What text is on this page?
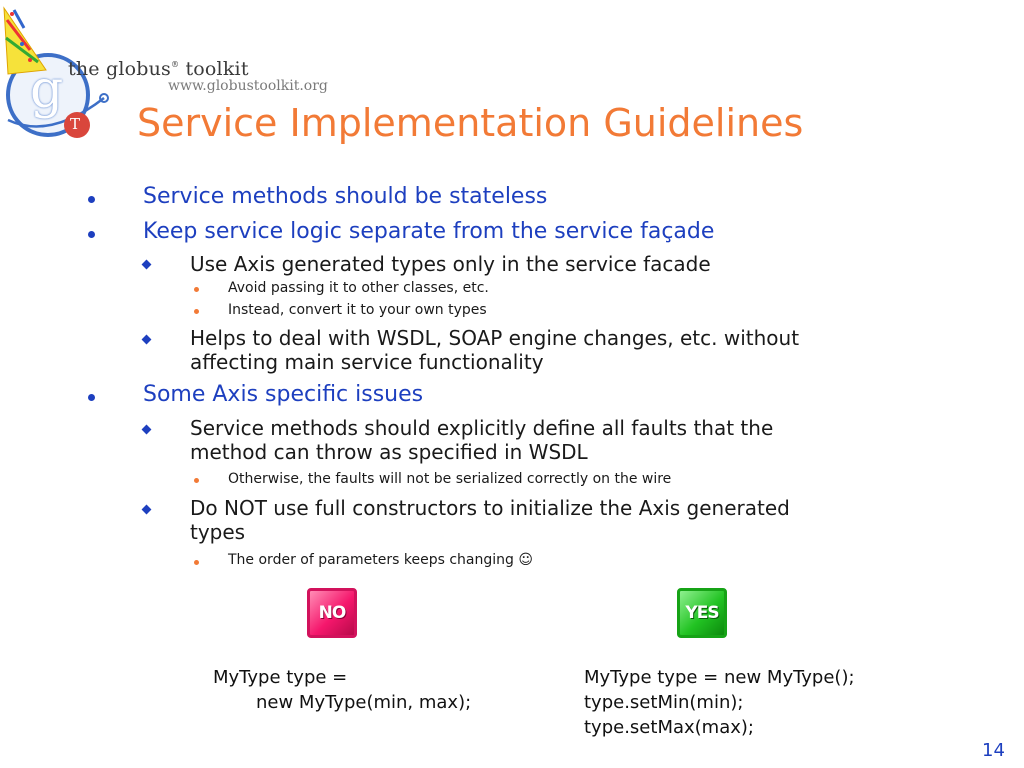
g
T
the globus® toolkit
www.globustoolkit.org
Service Implementation Guidelines
Service methods should be stateless
Keep service logic separate from the service façade
Use Axis generated types only in the service facade
Avoid passing it to other classes, etc.
Instead, convert it to your own types
Helps to deal with WSDL, SOAP engine changes, etc. without
affecting main service functionality
Some Axis specific issues
Service methods should explicitly define all faults that the
method can throw as specified in WSDL
Otherwise, the faults will not be serialized correctly on the wire
Do NOT use full constructors to initialize the Axis generated
types
The order of parameters keeps changing ☺
NO	YES
MyType type =
new MyType(min, max);
MyType type = new MyType();
type.setMin(min);
type.setMax(max);
14
